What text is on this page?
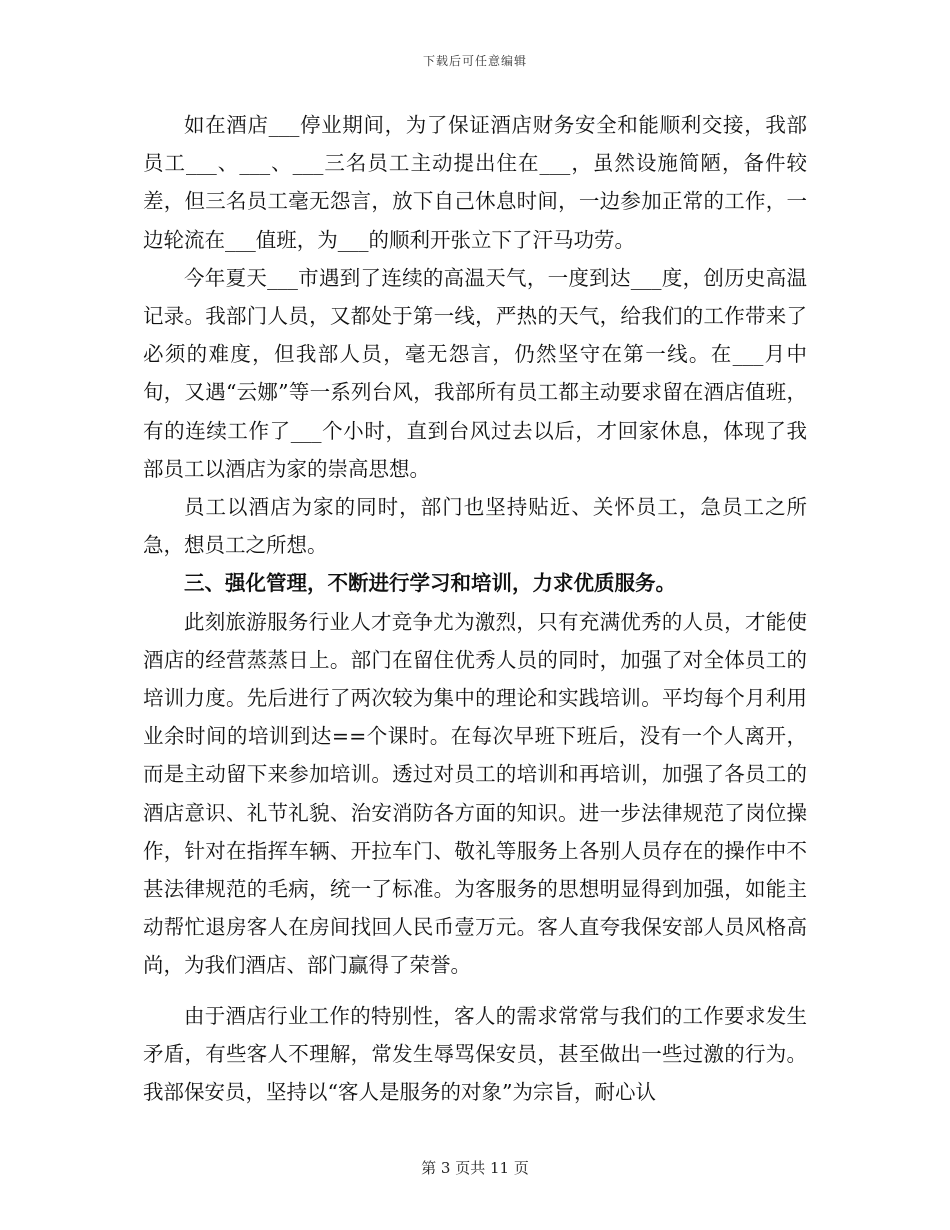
下载后可任意编辑

如在酒店___停业期间，为了保证酒店财务安全和能顺利交接，我部员工___、___、___三名员工主动提出住在___，虽然设施简陋，备件较差，但三名员工毫无怨言，放下自己休息时间，一边参加正常的工作，一边轮流在___值班，为___的顺利开张立下了汗马功劳。

今年夏天___市遇到了连续的高温天气，一度到达___度，创历史高温记录。我部门人员，又都处于第一线，严热的天气，给我们的工作带来了必须的难度，但我部人员，毫无怨言，仍然坚守在第一线。在___月中旬，又遇“云娜”等一系列台风，我部所有员工都主动要求留在酒店值班，有的连续工作了___个小时，直到台风过去以后，才回家休息，体现了我部员工以酒店为家的崇高思想。

员工以酒店为家的同时，部门也坚持贴近、关怀员工，急员工之所急，想员工之所想。

三、强化管理，不断进行学习和培训，力求优质服务。

此刻旅游服务行业人才竞争尤为激烈，只有充满优秀的人员，才能使酒店的经营蒸蒸日上。部门在留住优秀人员的同时，加强了对全体员工的培训力度。先后进行了两次较为集中的理论和实践培训。平均每个月利用业余时间的培训到达==个课时。在每次早班下班后，没有一个人离开，而是主动留下来参加培训。透过对员工的培训和再培训，加强了各员工的酒店意识、礼节礼貌、治安消防各方面的知识。进一步法律规范了岗位操作，针对在指挥车辆、开拉车门、敬礼等服务上各别人员存在的操作中不甚法律规范的毛病，统一了标准。为客服务的思想明显得到加强，如能主动帮忙退房客人在房间找回人民币壹万元。客人直夸我保安部人员风格高尚，为我们酒店、部门赢得了荣誉。

由于酒店行业工作的特别性，客人的需求常常与我们的工作要求发生矛盾，有些客人不理解，常发生辱骂保安员，甚至做出一些过激的行为。我部保安员，坚持以“客人是服务的对象”为宗旨，耐心认

第 3 页共 11 页
